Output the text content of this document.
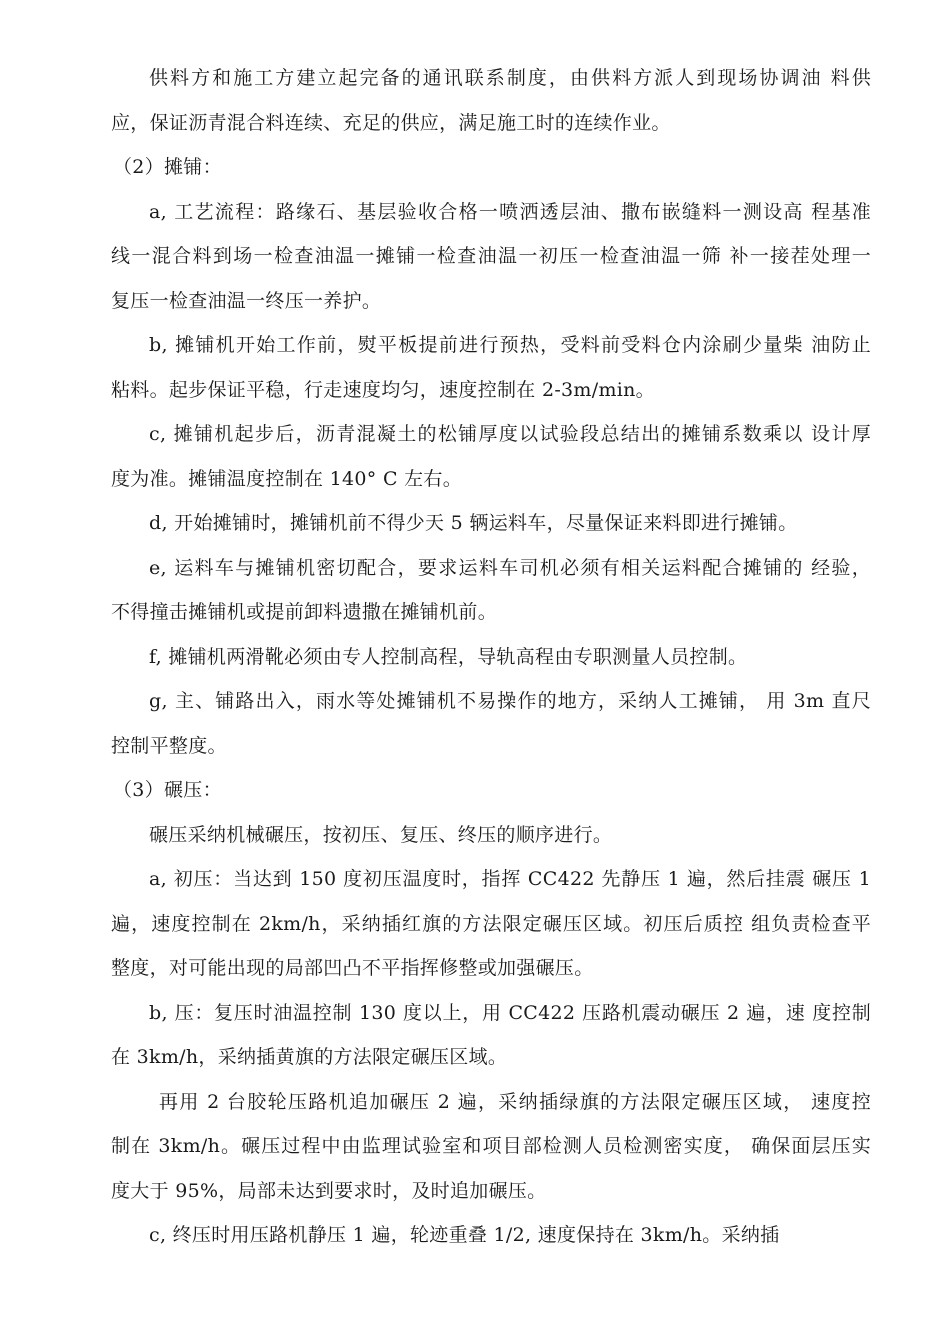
供料方和施工方建立起完备的通讯联系制度，由供料方派人到现场协调油 料供
应，保证沥青混合料连续、充足的供应，满足施工时的连续作业。
（2）摊铺：
a, 工艺流程：路缘石、基层验收合格一喷洒透层油、撒布嵌缝料一测设高 程基准
线一混合料到场一检查油温一摊铺一检查油温一初压一检查油温一筛 补一接茬处理一
复压一检查油温一终压一养护。
b, 摊铺机开始工作前，熨平板提前进行预热，受料前受料仓内涂刷少量柴 油防止
粘料。起步保证平稳，行走速度均匀，速度控制在 2-3m/min。
c, 摊铺机起步后，沥青混凝土的松铺厚度以试验段总结出的摊铺系数乘以 设计厚
度为准。摊铺温度控制在 140° C 左右。
d, 开始摊铺时，摊铺机前不得少天 5 辆运料车，尽量保证来料即进行摊铺。
e, 运料车与摊铺机密切配合，要求运料车司机必须有相关运料配合摊铺的 经验，
不得撞击摊铺机或提前卸料遗撒在摊铺机前。
f, 摊铺机两滑靴必须由专人控制高程，导轨高程由专职测量人员控制。
g, 主、铺路出入，雨水等处摊铺机不易操作的地方，采纳人工摊铺， 用 3m 直尺
控制平整度。
（3）碾压：
碾压采纳机械碾压，按初压、复压、终压的顺序进行。
a, 初压：当达到 150 度初压温度时，指挥 CC422 先静压 1 遍，然后挂震 碾压 1
遍，速度控制在 2km/h，采纳插红旗的方法限定碾压区域。初压后质控 组负责检查平
整度，对可能出现的局部凹凸不平指挥修整或加强碾压。
b, 压：复压时油温控制 130 度以上，用 CC422 压路机震动碾压 2 遍，速 度控制
在 3km/h，采纳插黄旗的方法限定碾压区域。
再用 2 台胶轮压路机追加碾压 2 遍，采纳插绿旗的方法限定碾压区域， 速度控
制在 3km/h。碾压过程中由监理试验室和项目部检测人员检测密实度， 确保面层压实
度大于 95%，局部未达到要求时，及时追加碾压。
c, 终压时用压路机静压 1 遍，轮迹重叠 1/2, 速度保持在 3km/h。采纳插
